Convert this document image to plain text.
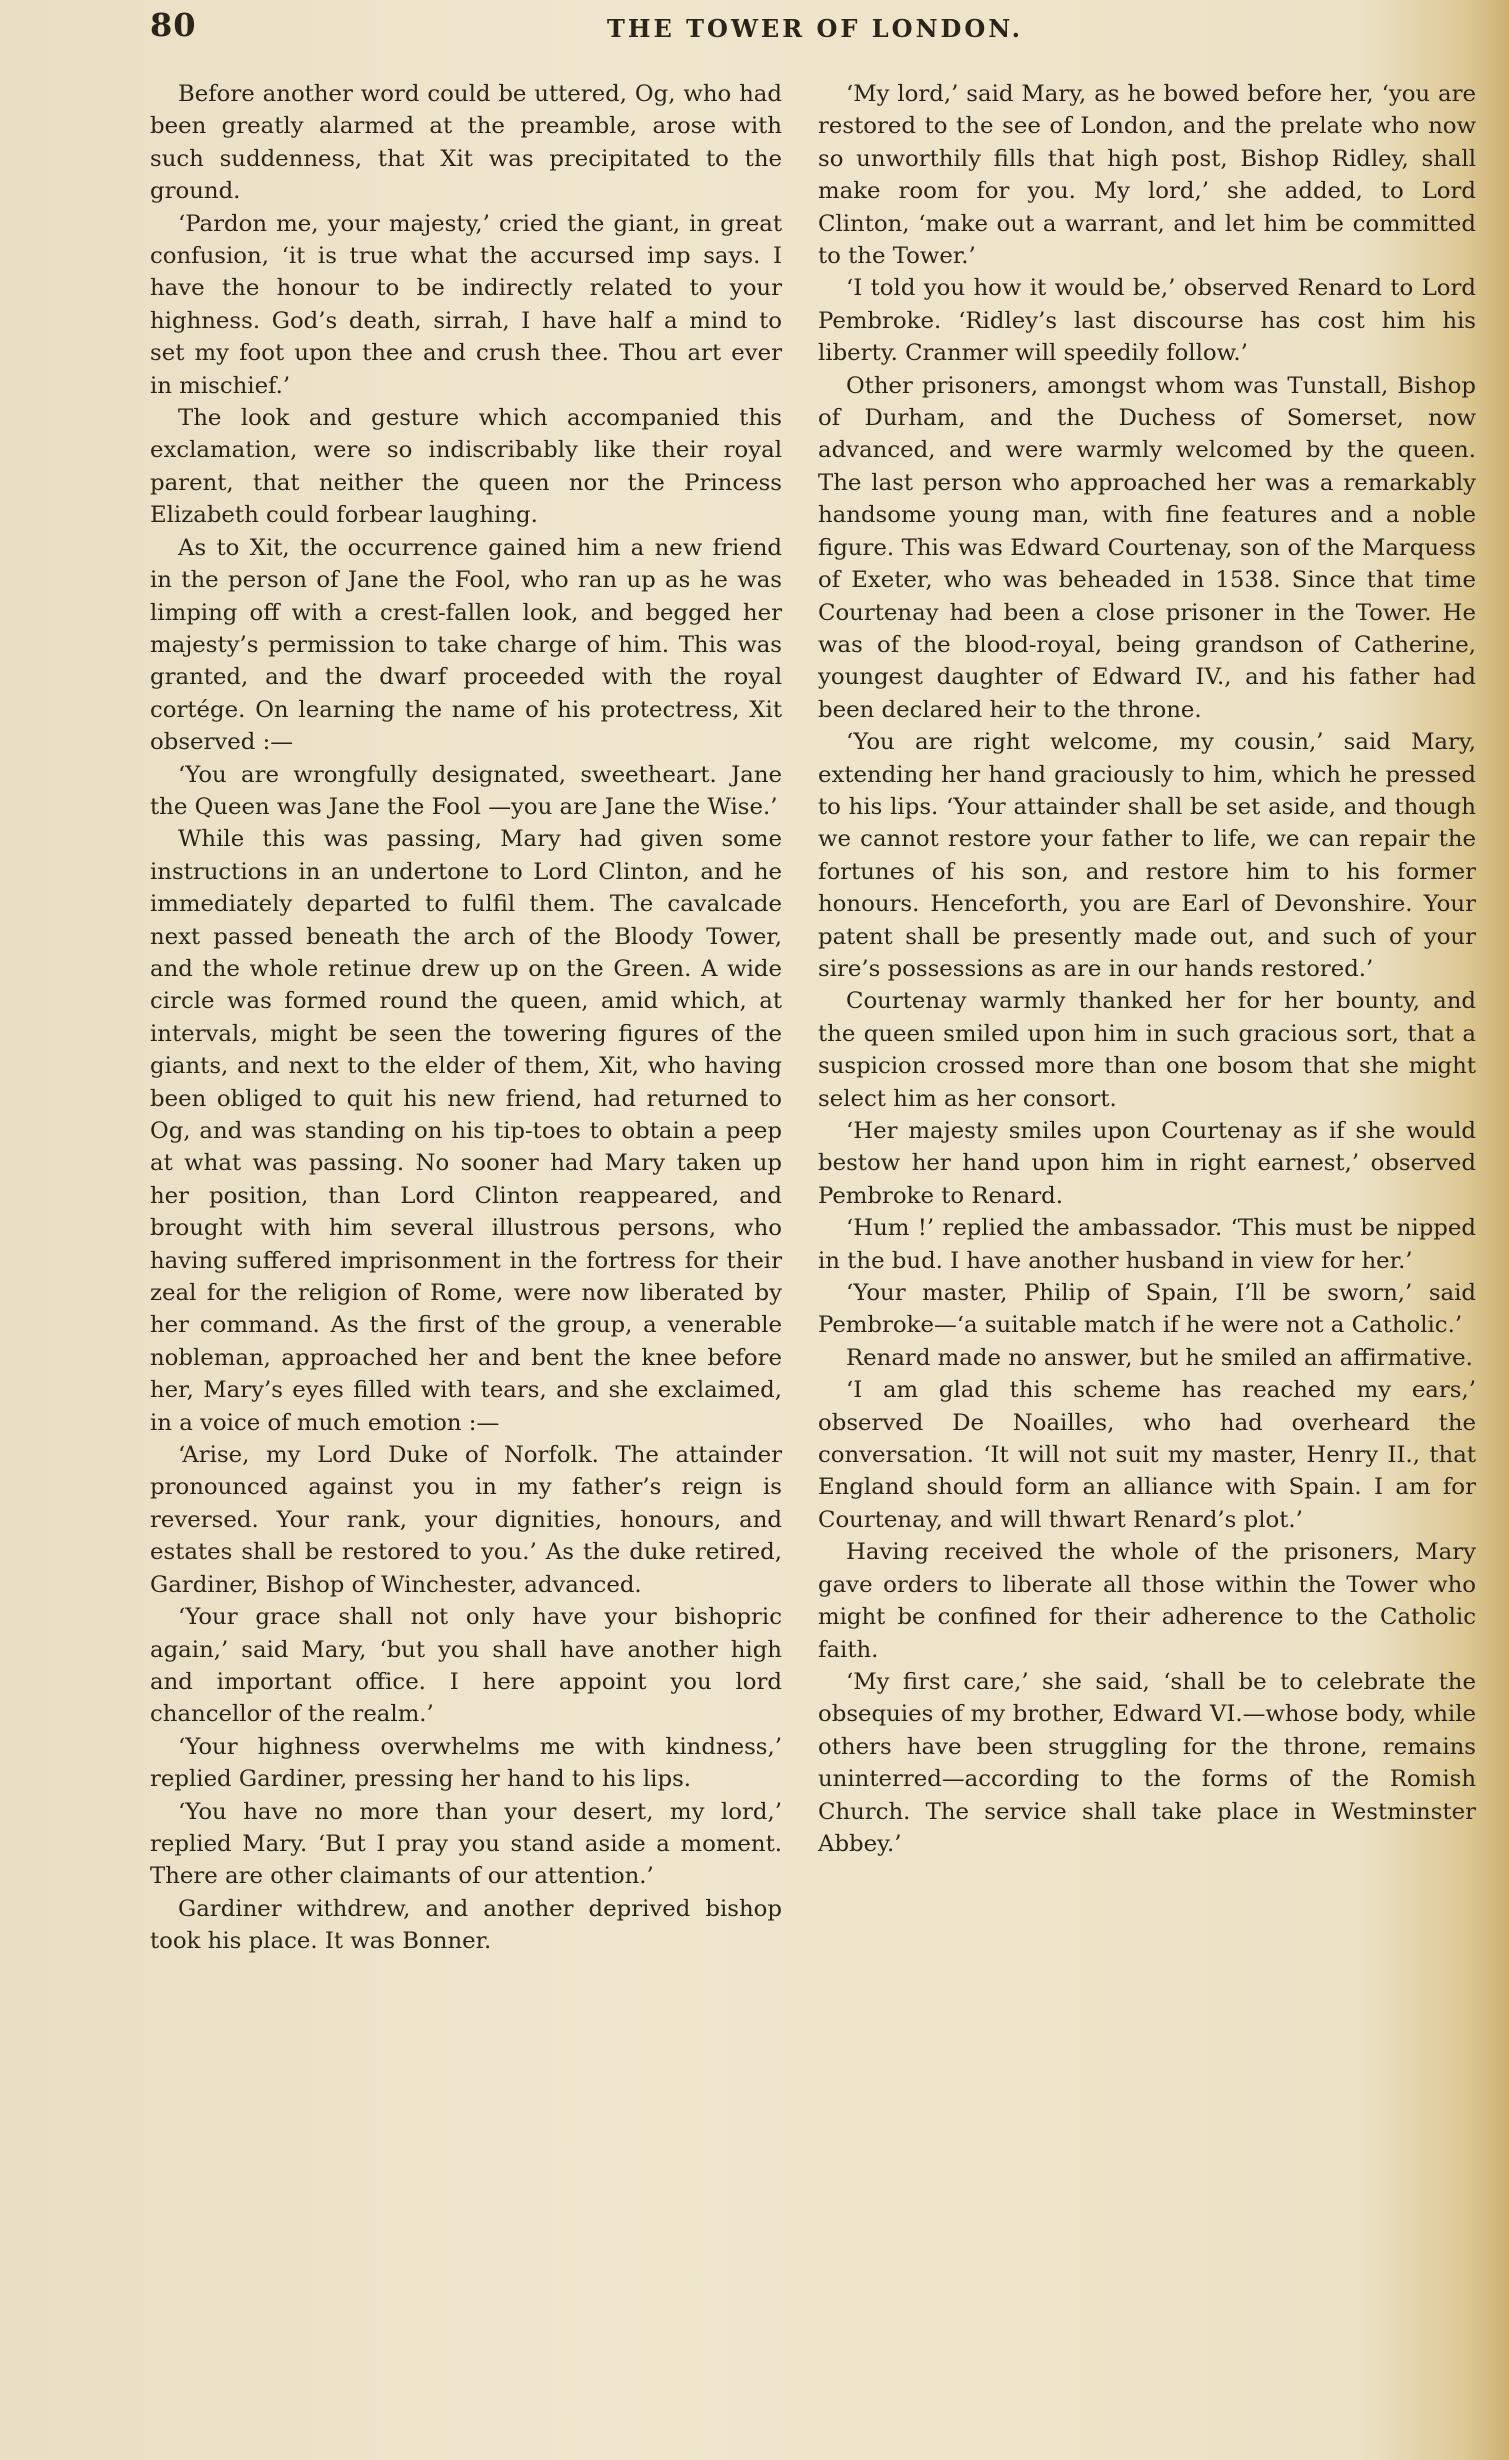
80	THE TOWER OF LONDON.

Before another word could be uttered, Og, who had been greatly alarmed at the preamble, arose with such suddenness, that Xit was precipitated to the ground.

‘Pardon me, your majesty,’ cried the giant, in great confusion, ‘it is true what the accursed imp says. I have the honour to be indirectly related to your highness. God’s death, sirrah, I have half a mind to set my foot upon thee and crush thee. Thou art ever in mischief.’

The look and gesture which accompanied this exclamation, were so indiscribably like their royal parent, that neither the queen nor the Princess Elizabeth could forbear laughing.

As to Xit, the occurrence gained him a new friend in the person of Jane the Fool, who ran up as he was limping off with a crest-fallen look, and begged her majesty’s permission to take charge of him. This was granted, and the dwarf proceeded with the royal cortége. On learning the name of his protectress, Xit observed :—

‘You are wrongfully designated, sweetheart. Jane the Queen was Jane the Fool —you are Jane the Wise.’

While this was passing, Mary had given some instructions in an undertone to Lord Clinton, and he immediately departed to fulfil them. The cavalcade next passed beneath the arch of the Bloody Tower, and the whole retinue drew up on the Green. A wide circle was formed round the queen, amid which, at intervals, might be seen the towering figures of the giants, and next to the elder of them, Xit, who having been obliged to quit his new friend, had returned to Og, and was standing on his tip-toes to obtain a peep at what was passing. No sooner had Mary taken up her position, than Lord Clinton reappeared, and brought with him several illustrous persons, who having suffered imprisonment in the fortress for their zeal for the religion of Rome, were now liberated by her command. As the first of the group, a venerable nobleman, approached her and bent the knee before her, Mary’s eyes filled with tears, and she exclaimed, in a voice of much emotion :—

‘Arise, my Lord Duke of Norfolk. The attainder pronounced against you in my father’s reign is reversed. Your rank, your dignities, honours, and estates shall be restored to you.’ As the duke retired, Gardiner, Bishop of Winchester, advanced.

‘Your grace shall not only have your bishopric again,’ said Mary, ‘but you shall have another high and important office. I here appoint you lord chancellor of the realm.’

‘Your highness overwhelms me with kindness,’ replied Gardiner, pressing her hand to his lips.

‘You have no more than your desert, my lord,’ replied Mary. ‘But I pray you stand aside a moment. There are other claimants of our attention.’

Gardiner withdrew, and another deprived bishop took his place. It was Bonner.

‘My lord,’ said Mary, as he bowed before her, ‘you are restored to the see of London, and the prelate who now so unworthily fills that high post, Bishop Ridley, shall make room for you. My lord,’ she added, to Lord Clinton, ‘make out a warrant, and let him be committed to the Tower.’

‘I told you how it would be,’ observed Renard to Lord Pembroke. ‘Ridley’s last discourse has cost him his liberty. Cranmer will speedily follow.’

Other prisoners, amongst whom was Tunstall, Bishop of Durham, and the Duchess of Somerset, now advanced, and were warmly welcomed by the queen. The last person who approached her was a remarkably handsome young man, with fine features and a noble figure. This was Edward Courtenay, son of the Marquess of Exeter, who was beheaded in 1538. Since that time Courtenay had been a close prisoner in the Tower. He was of the blood-royal, being grandson of Catherine, youngest daughter of Edward IV., and his father had been declared heir to the throne.

‘You are right welcome, my cousin,’ said Mary, extending her hand graciously to him, which he pressed to his lips. ‘Your attainder shall be set aside, and though we cannot restore your father to life, we can repair the fortunes of his son, and restore him to his former honours. Henceforth, you are Earl of Devonshire. Your patent shall be presently made out, and such of your sire’s possessions as are in our hands restored.’

Courtenay warmly thanked her for her bounty, and the queen smiled upon him in such gracious sort, that a suspicion crossed more than one bosom that she might select him as her consort.

‘Her majesty smiles upon Courtenay as if she would bestow her hand upon him in right earnest,’ observed Pembroke to Renard.

‘Hum !’ replied the ambassador. ‘This must be nipped in the bud. I have another husband in view for her.’

‘Your master, Philip of Spain, I’ll be sworn,’ said Pembroke—‘a suitable match if he were not a Catholic.’

Renard made no answer, but he smiled an affirmative.

‘I am glad this scheme has reached my ears,’ observed De Noailles, who had overheard the conversation. ‘It will not suit my master, Henry II., that England should form an alliance with Spain. I am for Courtenay, and will thwart Renard’s plot.’

Having received the whole of the prisoners, Mary gave orders to liberate all those within the Tower who might be confined for their adherence to the Catholic faith.

‘My first care,’ she said, ‘shall be to celebrate the obsequies of my brother, Edward VI.—whose body, while others have been struggling for the throne, remains uninterred—according to the forms of the Romish Church. The service shall take place in Westminster Abbey.’
